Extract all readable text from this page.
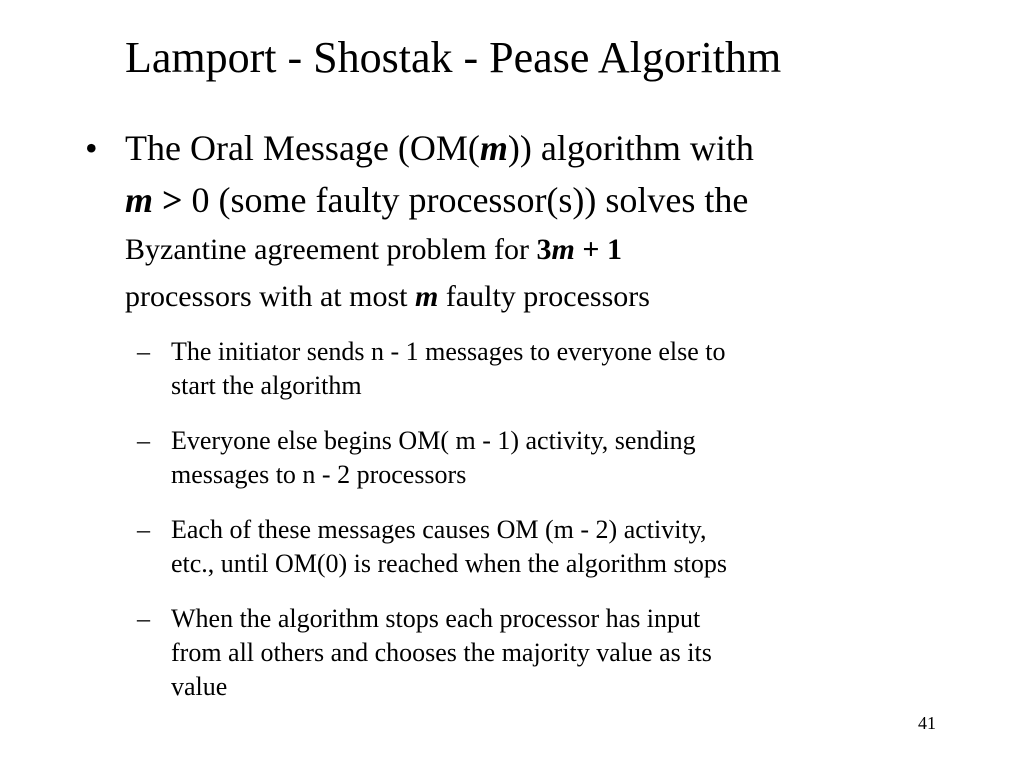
Lamport - Shostak - Pease Algorithm
• The Oral Message (OM(m)) algorithm with
m > 0 (some faulty processor(s)) solves the
Byzantine agreement problem for 3m + 1
processors with at most m faulty processors
– The initiator sends n - 1 messages to everyone else to
start the algorithm
– Everyone else begins OM( m - 1) activity, sending
messages to n - 2 processors
– Each of these messages causes OM (m - 2) activity,
etc., until OM(0) is reached when the algorithm stops
– When the algorithm stops each processor has input
from all others and chooses the majority value as its
value
41
